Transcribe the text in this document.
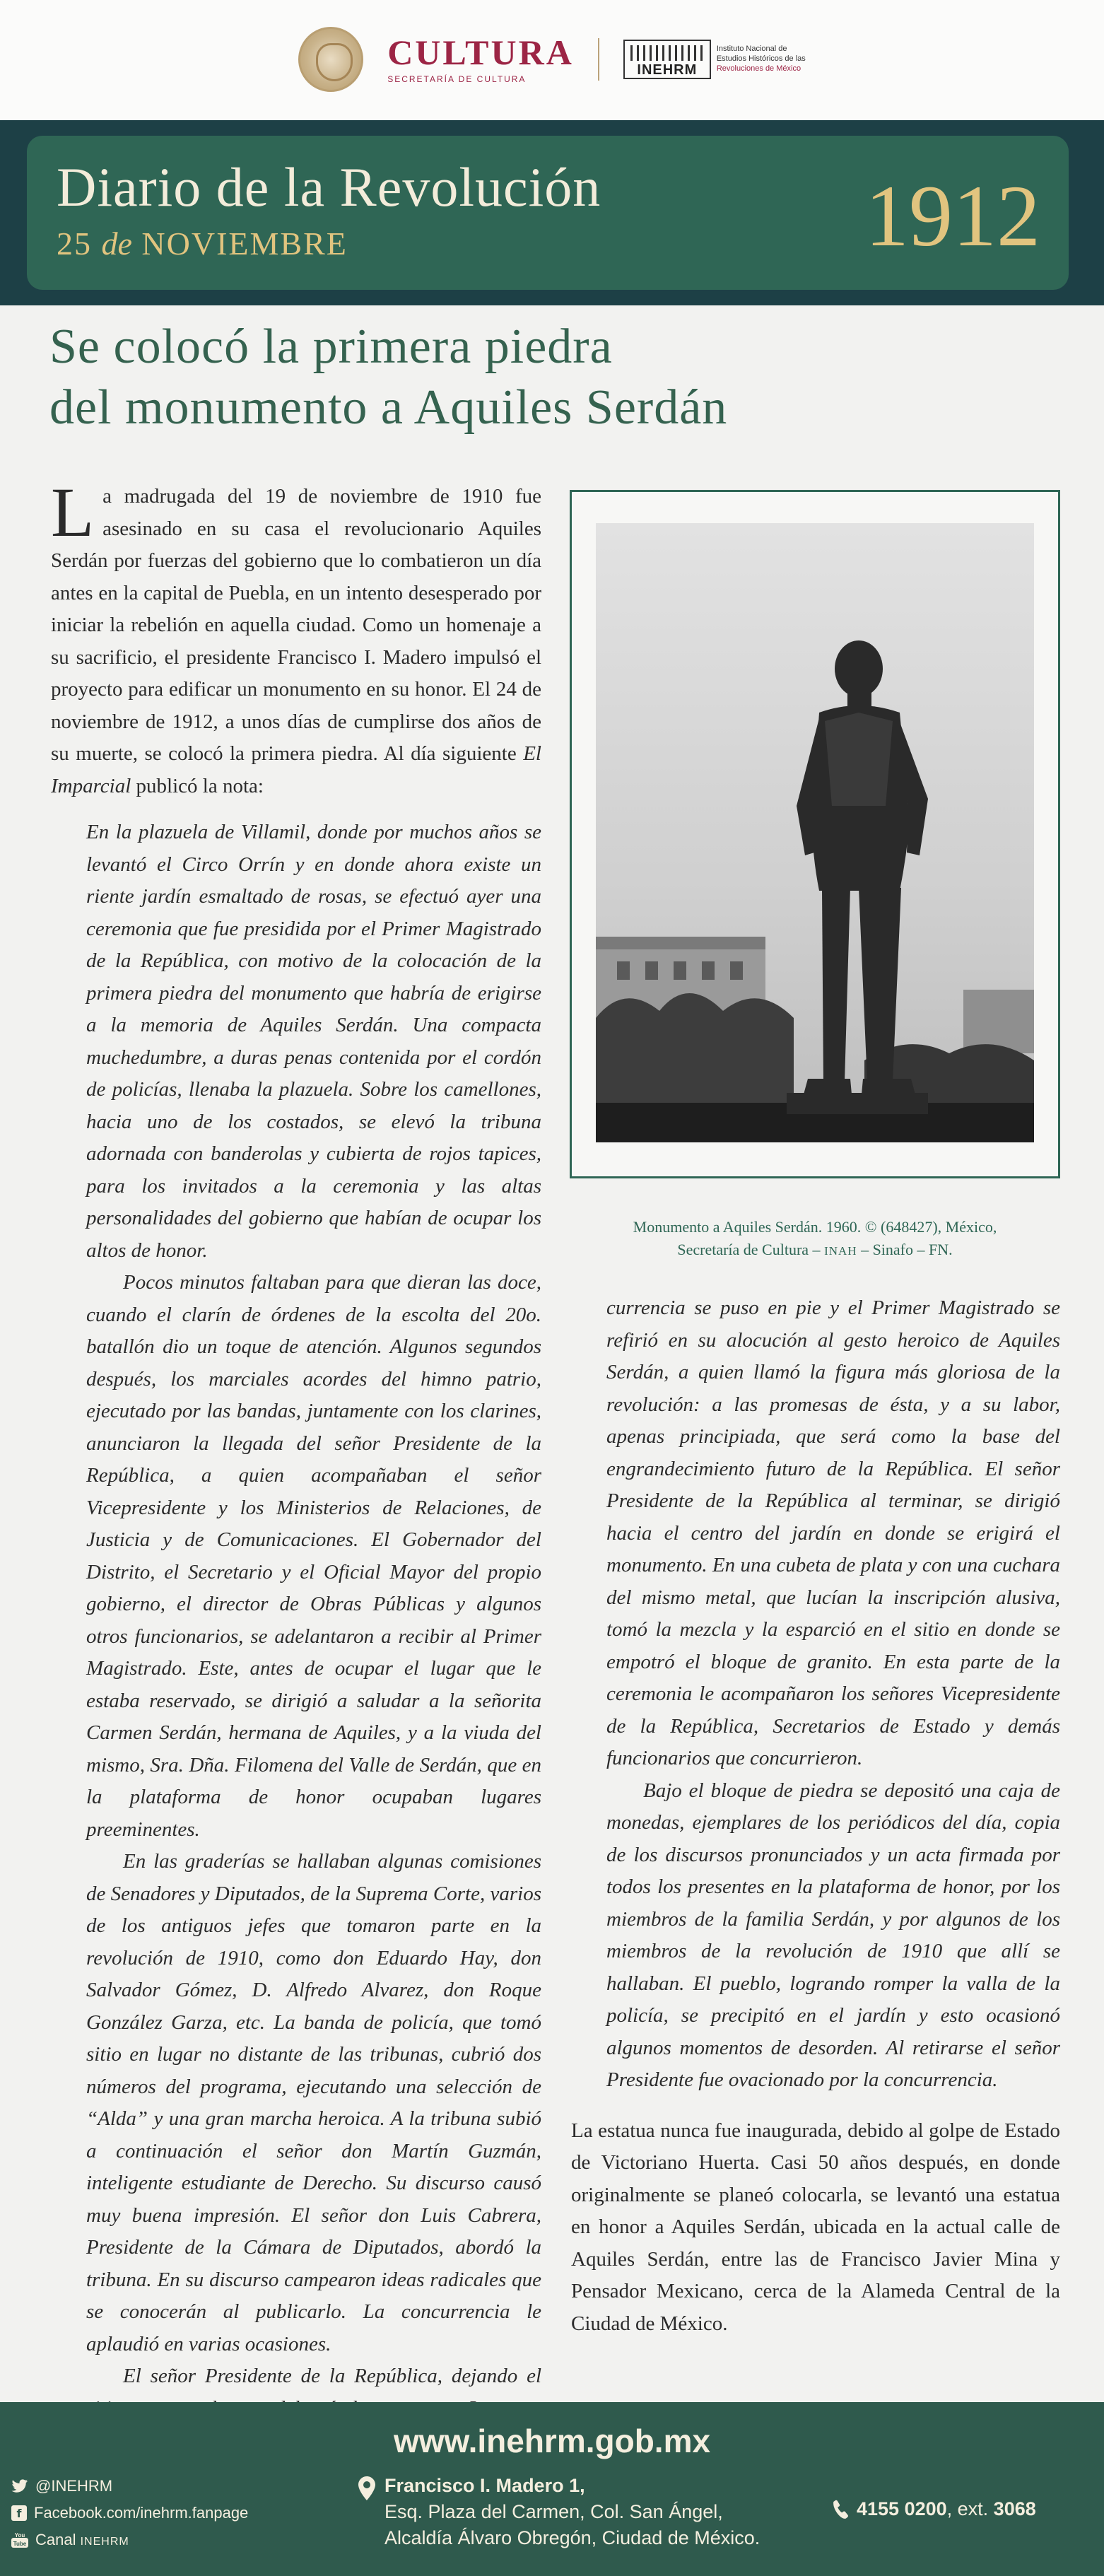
CULTURA
SECRETARÍA DE CULTURA
INEHRM
Instituto Nacional de
Estudios Históricos de las
Revoluciones de México
Diario de la Revolución
25 de NOVIEMBRE	1912
Se colocó la primera piedra
del monumento a Aquiles Serdán

La madrugada del 19 de noviembre de 1910 fue asesinado en su casa el revolucionario Aquiles Serdán por fuerzas del gobierno que lo combatieron un día antes en la capital de Puebla, en un intento desesperado por iniciar la rebelión en aquella ciudad. Como un homenaje a su sacrificio, el presidente Francisco I. Madero impulsó el proyecto para edificar un monumento en su honor. El 24 de noviembre de 1912, a unos días de cumplirse dos años de su muerte, se colocó la primera piedra. Al día siguiente El Imparcial publicó la nota:

En la plazuela de Villamil, donde por muchos años se levantó el Circo Orrín y en donde ahora existe un riente jardín esmaltado de rosas, se efectuó ayer una ceremonia que fue presidida por el Primer Magistrado de la República, con motivo de la colocación de la primera piedra del monumento que habría de erigirse a la memoria de Aquiles Serdán. Una compacta muchedumbre, a duras penas contenida por el cordón de policías, llenaba la plazuela. Sobre los camellones, hacia uno de los costados, se elevó la tribuna adornada con banderolas y cubierta de rojos tapices, para los invitados a la ceremonia y las altas personalidades del gobierno que habían de ocupar los altos de honor.

Pocos minutos faltaban para que dieran las doce, cuando el clarín de órdenes de la escolta del 20o. batallón dio un toque de atención. Algunos segundos después, los marciales acordes del himno patrio, ejecutado por las bandas, juntamente con los clarines, anunciaron la llegada del señor Presidente de la República, a quien acompañaban el señor Vicepresidente y los Ministerios de Relaciones, de Justicia y de Comunicaciones. El Gobernador del Distrito, el Secretario y el Oficial Mayor del propio gobierno, el director de Obras Públicas y algunos otros funcionarios, se adelantaron a recibir al Primer Magistrado. Este, antes de ocupar el lugar que le estaba reservado, se dirigió a saludar a la señorita Carmen Serdán, hermana de Aquiles, y a la viuda del mismo, Sra. Dña. Filomena del Valle de Serdán, que en la plataforma de honor ocupaban lugares preeminentes.

En las graderías se hallaban algunas comisiones de Senadores y Diputados, de la Suprema Corte, varios de los antiguos jefes que tomaron parte en la revolución de 1910, como don Eduardo Hay, don Salvador Gómez, D. Alfredo Alvarez, don Roque González Garza, etc. La banda de policía, que tomó sitio en lugar no distante de las tribunas, cubrió dos números del programa, ejecutando una selección de “Alda” y una gran marcha heroica. A la tribuna subió a continuación el señor don Martín Guzmán, inteligente estudiante de Derecho. Su discurso causó muy buena impresión. El señor don Luis Cabrera, Presidente de la Cámara de Diputados, abordó la tribuna. En su discurso campearon ideas radicales que se conocerán al publicarlo. La concurrencia le aplaudió en varias ocasiones.

El señor Presidente de la República, dejando el

Monumento a Aquiles Serdán. 1960. © (648427), México,
Secretaría de Cultura – INAH – Sinafo – FN.

currencia se puso en pie y el Primer Magistrado se refirió en su alocución al gesto heroico de Aquiles Serdán, a quien llamó la figura más gloriosa de la revolución: a las promesas de ésta, y a su labor, apenas principiada, que será como la base del engrandecimiento futuro de la República. El señor Presidente de la República al terminar, se dirigió hacia el centro del jardín en donde se erigirá el monumento. En una cubeta de plata y con una cuchara del mismo metal, que lucían la inscripción alusiva, tomó la mezcla y la esparció en el sitio en donde se empotró el bloque de granito. En esta parte de la ceremonia le acompañaron los señores Vicepresidente de la República, Secretarios de Estado y demás funcionarios que concurrieron.

Bajo el bloque de piedra se depositó una caja de monedas, ejemplares de los periódicos del día, copia de los discursos pronunciados y un acta firmada por todos los presentes en la plataforma de honor, por los miembros de la familia Serdán, y por algunos de los miembros de la revolución de 1910 que allí se hallaban. El pueblo, logrando romper la valla de la policía, se precipitó en el jardín y esto ocasionó algunos momentos de desorden. Al retirarse el señor Presidente fue ovacionado por la concurrencia.

La estatua nunca fue inaugurada, debido al golpe de Estado de Victoriano Huerta. Casi 50 años después, en donde originalmente se planeó colocarla, se levantó una estatua en honor a Aquiles Serdán, ubicada en la actual calle de Aquiles Serdán, entre las de Francisco Javier Mina y Pensador Mexicano, cerca de la Alameda Central de la Ciudad de México.

www.inehrm.gob.mx
@INEHRM
f Facebook.com/inehrm.fanpage
You
Tube Canal INEHRM
Francisco I. Madero 1,
Esq. Plaza del Carmen, Col. San Ángel,
Alcaldía Álvaro Obregón, Ciudad de México.
4155 0200, ext. 3068
